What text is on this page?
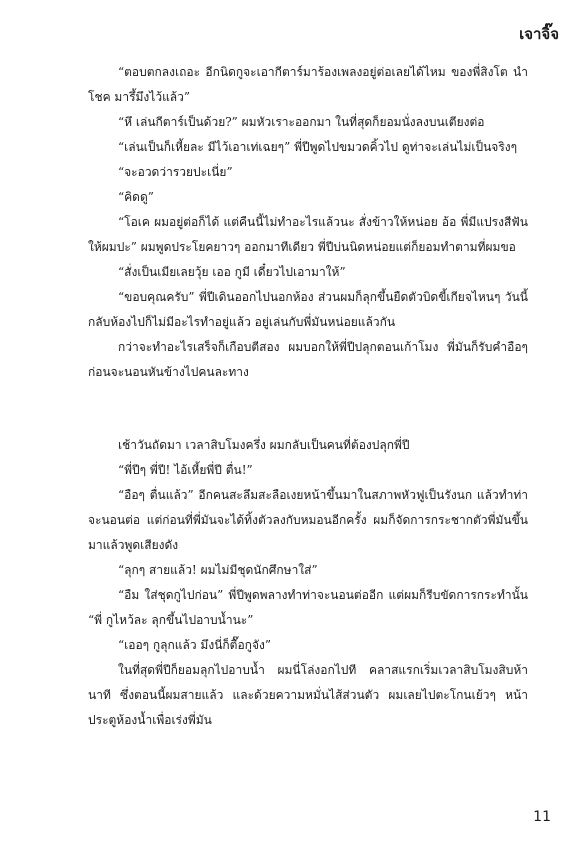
เจาจิ๊จ

“ตอบตกลงเถอะ อีกนิดกูจะเอากีตาร์มาร้องเพลงอยู่ต่อเลยได้ไหม ของพี่สิงโต นำโชค มารึ้มึงไว้แล้ว”

“หึ เล่นกีตาร์เป็นด้วย?” ผมหัวเราะออกมา ในที่สุดก็ยอมนั่งลงบนเตียงต่อ

“เล่นเป็นก็เหี้ยละ มีไว้เอาเท่เฉยๆ” พี่ปีพูดไปขมวดคิ้วไป ดูท่าจะเล่นไม่เป็นจริงๆ

“จะอวดว่ารวยปะเนี่ย”

“คิดดู”

“โอเค ผมอยู่ต่อก็ได้ แต่คืนนี้ไม่ทำอะไรแล้วนะ สั่งข้าวให้หน่อย อ้อ พี่มีแปรงสีฟันให้ผมปะ” ผมพูดประโยคยาวๆ ออกมาทีเดียว พี่ปีบ่นนิดหน่อยแต่ก็ยอมทำตามที่ผมขอ

“สั่งเป็นเมียเลยวุ้ย เออ กูมี เดี๋ยวไปเอามาให้”

“ขอบคุณครับ” พี่ปีเดินออกไปนอกห้อง ส่วนผมก็ลุกขึ้นยืดตัวบิดขี้เกียจไหนๆ วันนี้กลับห้องไปก็ไม่มีอะไรทำอยู่แล้ว อยู่เล่นกับพี่มันหน่อยแล้วกัน

กว่าจะทำอะไรเสร็จก็เกือบตีสอง ผมบอกให้พี่ปีปลุกตอนเก้าโมง พี่มันก็รับคำอือๆ ก่อนจะนอนหันข้างไปคนละทาง

เช้าวันถัดมา เวลาสิบโมงครึ่ง ผมกลับเป็นคนที่ต้องปลุกพี่ปี

“พี่ปีๆ พี่ปี! ไอ้เหี้ยพี่ปี ตื่น!”

“อือๆ ตื่นแล้ว” อีกคนสะลึมสะลือเงยหน้าขึ้นมาในสภาพหัวฟูเป็นรังนก แล้วทำท่าจะนอนต่อ แต่ก่อนที่พี่มันจะได้ทิ้งตัวลงกับหมอนอีกครั้ง ผมก็จัดการกระชากตัวพี่มันขึ้นมาแล้วพูดเสียงดัง

“ลุกๆ สายแล้ว! ผมไม่มีชุดนักศึกษาใส่”

“อืม ใส่ชุดกูไปก่อน” พี่ปีพูดพลางทำท่าจะนอนต่ออีก แต่ผมก็รีบขัดการกระทำนั้น “พี่ กูไหว้ละ ลุกขึ้นไปอาบน้ำนะ”

“เออๆ กูลุกแล้ว มึงนี่ก็ตื๊อกูจัง”

ในที่สุดพี่ปีก็ยอมลุกไปอาบน้ำ ผมนี่โล่งอกไปที คลาสแรกเริ่มเวลาสิบโมงสิบห้านาที ซึ่งตอนนี้ผมสายแล้ว และด้วยความหมั่นไส้ส่วนตัว ผมเลยไปตะโกนเย้วๆ หน้าประตูห้องน้ำเพื่อเร่งพี่มัน

11
